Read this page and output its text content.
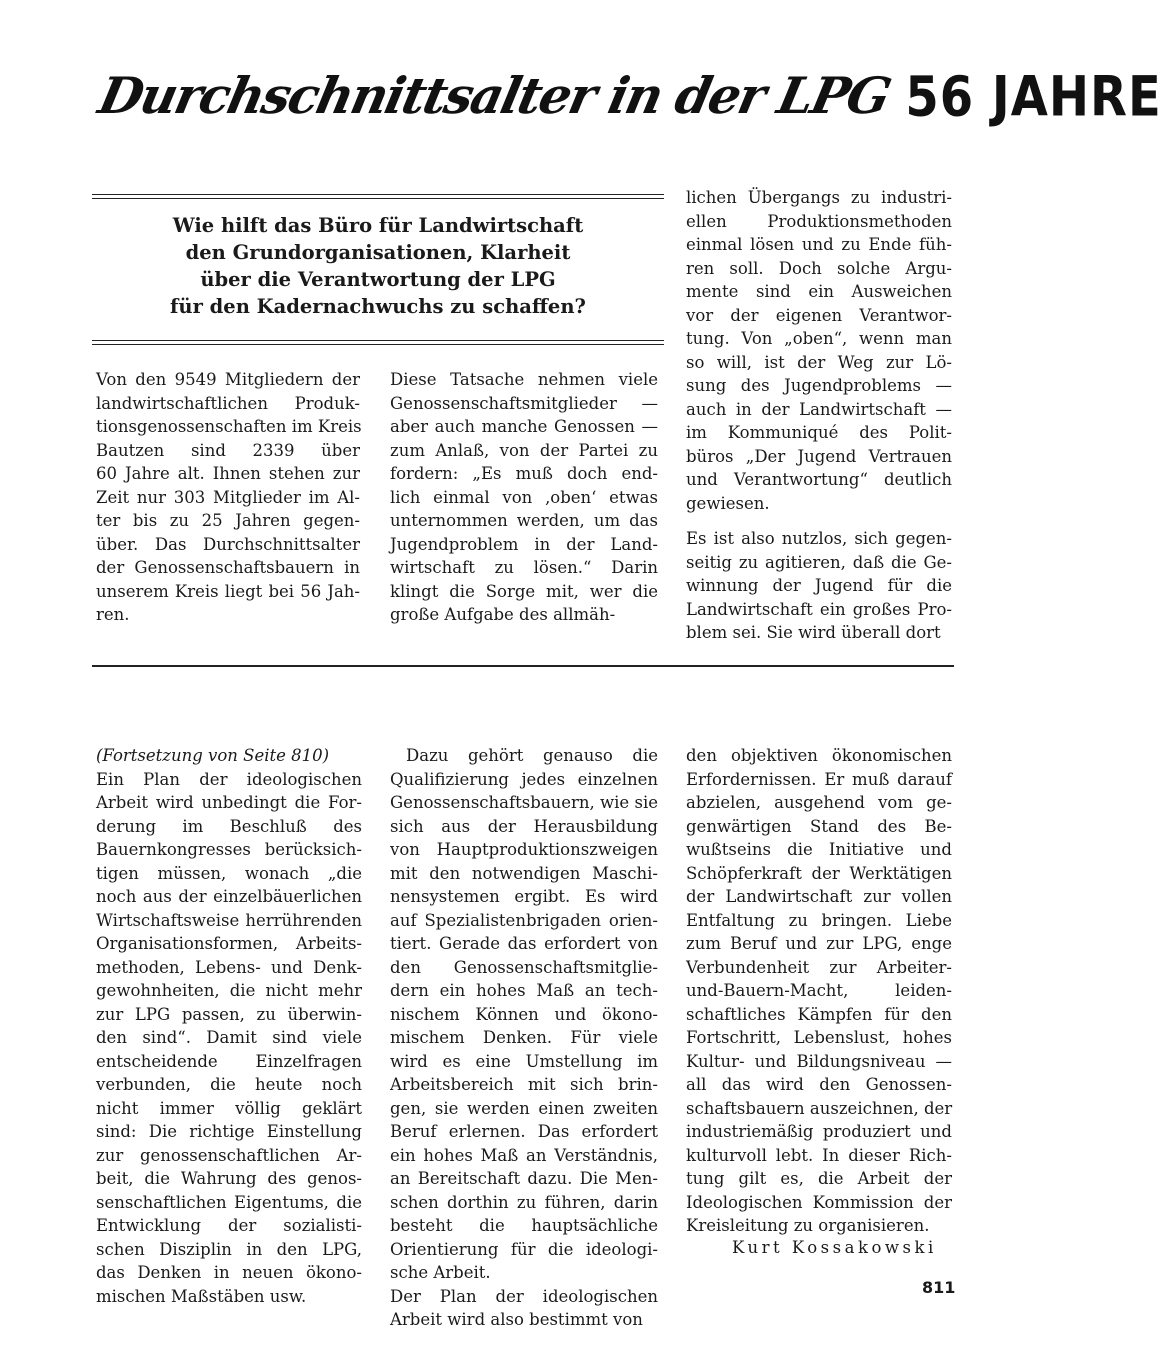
Durchschnittsalter in der LPG 56 JAHRE
Wie hilft das Büro für Landwirtschaft
den Grundorganisationen, Klarheit
über die Verantwortung der LPG
für den Kadernachwuchs zu schaffen?
Von den 9549 Mitgliedern der
landwirtschaftlichen Produk-
tionsgenossenschaften im Kreis
Bautzen sind 2339 über
60 Jahre alt. Ihnen stehen zur
Zeit nur 303 Mitglieder im Al-
ter bis zu 25 Jahren gegen-
über. Das Durchschnittsalter
der Genossenschaftsbauern in
unserem Kreis liegt bei 56 Jah-
ren.
Diese Tatsache nehmen viele
Genossenschaftsmitglieder —
aber auch manche Genossen —
zum Anlaß, von der Partei zu
fordern: „Es muß doch end-
lich einmal von ‚oben‘ etwas
unternommen werden, um das
Jugendproblem in der Land-
wirtschaft zu lösen.“ Darin
klingt die Sorge mit, wer die
große Aufgabe des allmäh-
lichen Übergangs zu industri-
ellen Produktionsmethoden
einmal lösen und zu Ende füh-
ren soll. Doch solche Argu-
mente sind ein Ausweichen
vor der eigenen Verantwor-
tung. Von „oben“, wenn man
so will, ist der Weg zur Lö-
sung des Jugendproblems —
auch in der Landwirtschaft —
im Kommuniqué des Polit-
büros „Der Jugend Vertrauen
und Verantwortung“ deutlich
gewiesen.
Es ist also nutzlos, sich gegen-
seitig zu agitieren, daß die Ge-
winnung der Jugend für die
Landwirtschaft ein großes Pro-
blem sei. Sie wird überall dort
(Fortsetzung von Seite 810)
Ein Plan der ideologischen
Arbeit wird unbedingt die For-
derung im Beschluß des
Bauernkongresses berücksich-
tigen müssen, wonach „die
noch aus der einzelbäuerlichen
Wirtschaftsweise herrührenden
Organisationsformen, Arbeits-
methoden, Lebens- und Denk-
gewohnheiten, die nicht mehr
zur LPG passen, zu überwin-
den sind“. Damit sind viele
entscheidende Einzelfragen
verbunden, die heute noch
nicht immer völlig geklärt
sind: Die richtige Einstellung
zur genossenschaftlichen Ar-
beit, die Wahrung des genos-
senschaftlichen Eigentums, die
Entwicklung der sozialisti-
schen Disziplin in den LPG,
das Denken in neuen ökono-
mischen Maßstäben usw.
Dazu gehört genauso die
Qualifizierung jedes einzelnen
Genossenschaftsbauern, wie sie
sich aus der Herausbildung
von Hauptproduktionszweigen
mit den notwendigen Maschi-
nensystemen ergibt. Es wird
auf Spezialistenbrigaden orien-
tiert. Gerade das erfordert von
den Genossenschaftsmitglie-
dern ein hohes Maß an tech-
nischem Können und ökono-
mischem Denken. Für viele
wird es eine Umstellung im
Arbeitsbereich mit sich brin-
gen, sie werden einen zweiten
Beruf erlernen. Das erfordert
ein hohes Maß an Verständnis,
an Bereitschaft dazu. Die Men-
schen dorthin zu führen, darin
besteht die hauptsächliche
Orientierung für die ideologi-
sche Arbeit.
Der Plan der ideologischen
Arbeit wird also bestimmt von
den objektiven ökonomischen
Erfordernissen. Er muß darauf
abzielen, ausgehend vom ge-
genwärtigen Stand des Be-
wußtseins die Initiative und
Schöpferkraft der Werktätigen
der Landwirtschaft zur vollen
Entfaltung zu bringen. Liebe
zum Beruf und zur LPG, enge
Verbundenheit zur Arbeiter-
und-Bauern-Macht, leiden-
schaftliches Kämpfen für den
Fortschritt, Lebenslust, hohes
Kultur- und Bildungsniveau —
all das wird den Genossen-
schaftsbauern auszeichnen, der
industriemäßig produziert und
kulturvoll lebt. In dieser Rich-
tung gilt es, die Arbeit der
Ideologischen Kommission der
Kreisleitung zu organisieren.
Kurt Kossakowski
811
